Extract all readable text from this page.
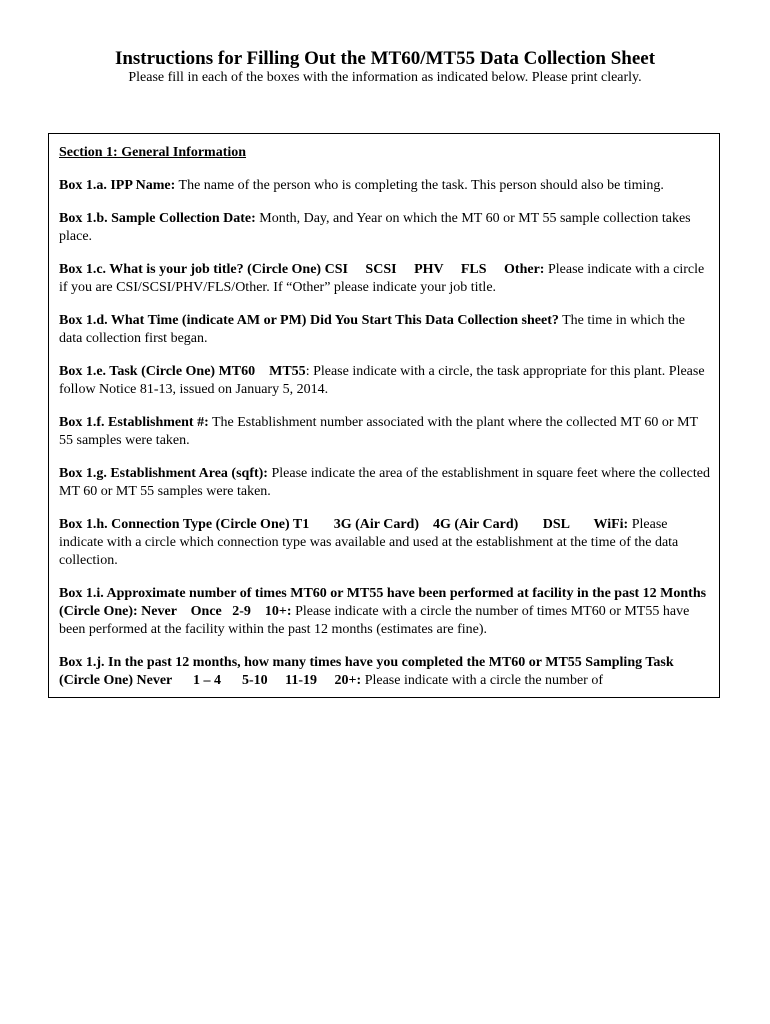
Instructions for Filling Out the MT60/MT55 Data Collection Sheet

Please fill in each of the boxes with the information as indicated below. Please print clearly.

Section 1: General Information

Box 1.a. IPP Name: The name of the person who is completing the task. This person should also be timing.

Box 1.b. Sample Collection Date: Month, Day, and Year on which the MT 60 or MT 55 sample collection takes place.

Box 1.c. What is your job title? (Circle One) CSI     SCSI     PHV     FLS     Other: Please indicate with a circle if you are CSI/SCSI/PHV/FLS/Other. If “Other” please indicate your job title.

Box 1.d. What Time (indicate AM or PM) Did You Start This Data Collection sheet? The time in which the data collection first began.

Box 1.e. Task (Circle One) MT60    MT55: Please indicate with a circle, the task appropriate for this plant. Please follow Notice 81-13, issued on January 5, 2014.

Box 1.f. Establishment #: The Establishment number associated with the plant where the collected MT 60 or MT 55 samples were taken.

Box 1.g. Establishment Area (sqft): Please indicate the area of the establishment in square feet where the collected MT 60 or MT 55 samples were taken.

Box 1.h. Connection Type (Circle One) T1       3G (Air Card)    4G (Air Card)       DSL       WiFi: Please indicate with a circle which connection type was available and used at the establishment at the time of the data collection.

Box 1.i. Approximate number of times MT60 or MT55 have been performed at facility in the past 12 Months (Circle One): Never    Once   2-9    10+: Please indicate with a circle the number of times MT60 or MT55 have been performed at the facility within the past 12 months (estimates are fine).

Box 1.j. In the past 12 months, how many times have you completed the MT60 or MT55 Sampling Task (Circle One) Never      1 – 4      5-10     11-19     20+: Please indicate with a circle the number of
